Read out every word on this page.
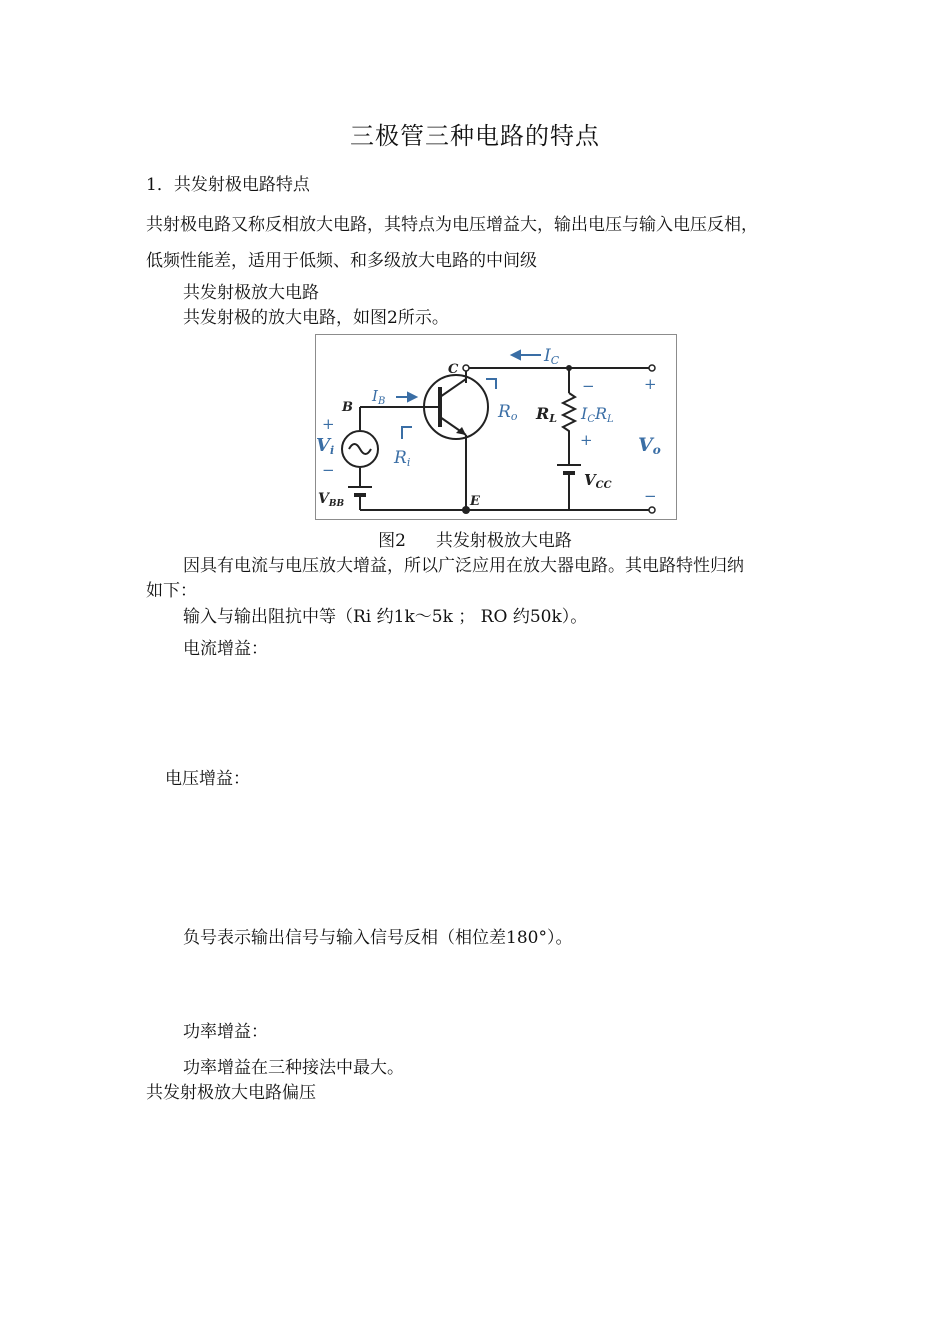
三极管三种电路的特点
1．共发射极电路特点
共射极电路又称反相放大电路，其特点为电压增益大，输出电压与输入电压反相，
低频性能差，适用于低频、和多级放大电路的中间级
共发射极放大电路
共发射极的放大电路，如图2所示。
C
B
E
RL
$V_{CC}$
$V_{BB}$
IC
$I_B$
Ro
Ri
ICRL
Vi	Vo
+
−
−
+
+
−
图2 共发射极放大电路
因具有电流与电压放大增益，所以广泛应用在放大器电路。其电路特性归纳
如下：
输入与输出阻抗中等（Ri 约1k～5k ； RO 约50k）。
电流增益：
电压增益：
负号表示输出信号与输入信号反相（相位差180°）。
功率增益：
功率增益在三种接法中最大。
共发射极放大电路偏压
